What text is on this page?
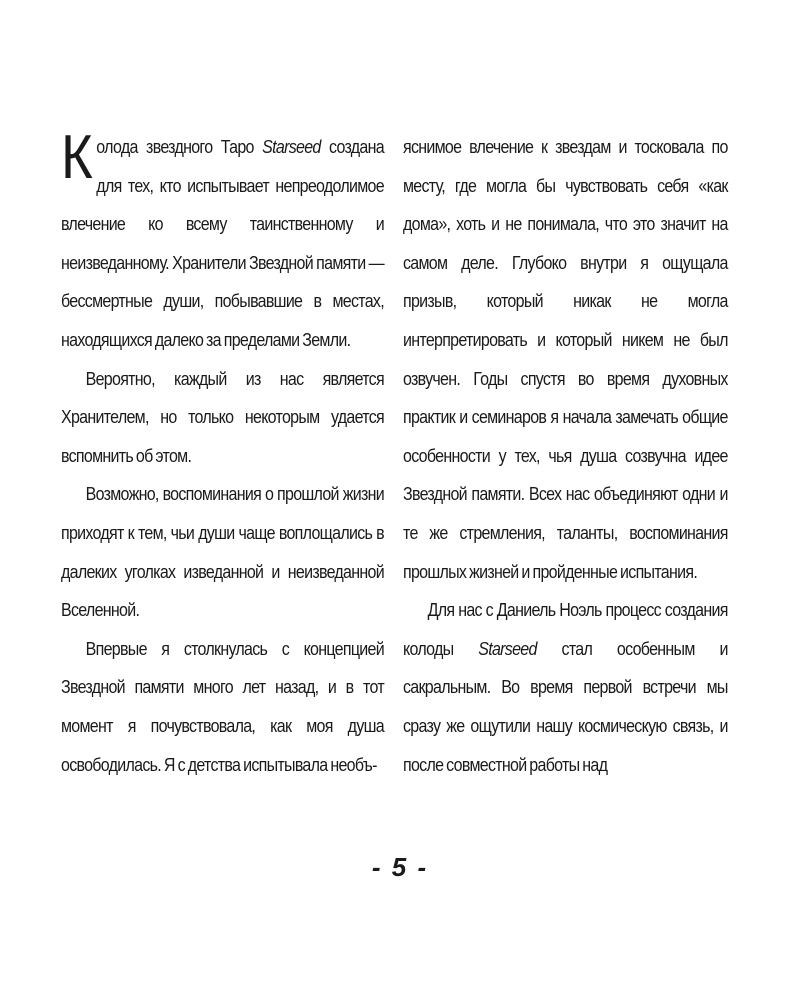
Колода звездного Таро Starseed создана для тех, кто испытывает непреодолимое влечение ко всему таинственному и неизведанному. Хранители Звездной памяти — бессмертные души, побывавшие в местах, находящихся далеко за пределами Земли.

Вероятно, каждый из нас является Хранителем, но только некоторым удается вспомнить об этом.

Возможно, воспоминания о прошлой жизни приходят к тем, чьи души чаще воплощались в далеких уголках изведанной и неизведанной Вселенной.

Впервые я столкнулась с концепцией Звездной памяти много лет назад, и в тот момент я почувствовала, как моя душа освободилась. Я с детства испытывала необъ-

яснимое влечение к звездам и тосковала по месту, где могла бы чувствовать себя «как дома», хоть и не понимала, что это значит на самом деле. Глубоко внутри я ощущала призыв, который никак не могла интерпретировать и который никем не был озвучен. Годы спустя во время духовных практик и семинаров я начала замечать общие особенности у тех, чья душа созвучна идее Звездной памяти. Всех нас объединяют одни и те же стремления, таланты, воспоминания прошлых жизней и пройденные испытания.

Для нас с Даниель Ноэль процесс создания колоды Starseed стал особенным и сакральным. Во время первой встречи мы сразу же ощутили нашу космическую связь, и после совместной работы над

- 5 -
